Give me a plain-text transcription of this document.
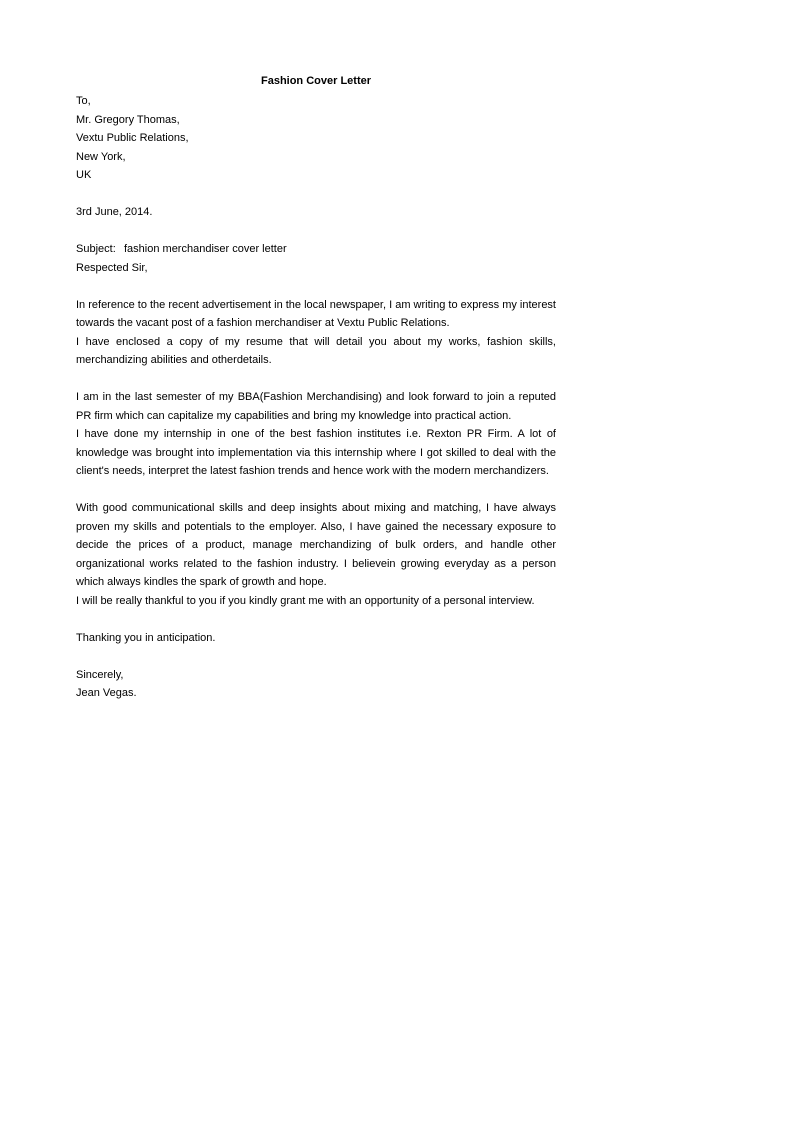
Fashion Cover Letter
To,
Mr. Gregory Thomas,
Vextu Public Relations,
New York,
UK
3rd June, 2014.
Subject: fashion merchandiser cover letter
Respected Sir,
In reference to the recent advertisement in the local newspaper, I am writing to express my interest towards the vacant post of a fashion merchandiser at Vextu Public Relations.
I have enclosed a copy of my resume that will detail you about my works, fashion skills, merchandizing abilities and otherdetails.
I am in the last semester of my BBA(Fashion Merchandising) and look forward to join a reputed PR firm which can capitalize my capabilities and bring my knowledge into practical action.
I have done my internship in one of the best fashion institutes i.e. Rexton PR Firm. A lot of knowledge was brought into implementation via this internship where I got skilled to deal with the client's needs, interpret the latest fashion trends and hence work with the modern merchandizers.
With good communicational skills and deep insights about mixing and matching, I have always proven my skills and potentials to the employer. Also, I have gained the necessary exposure to decide the prices of a product, manage merchandizing of bulk orders, and handle other organizational works related to the fashion industry. I believein growing everyday as a person which always kindles the spark of growth and hope.
I will be really thankful to you if you kindly grant me with an opportunity of a personal interview.
Thanking you in anticipation.
Sincerely,
Jean Vegas.
